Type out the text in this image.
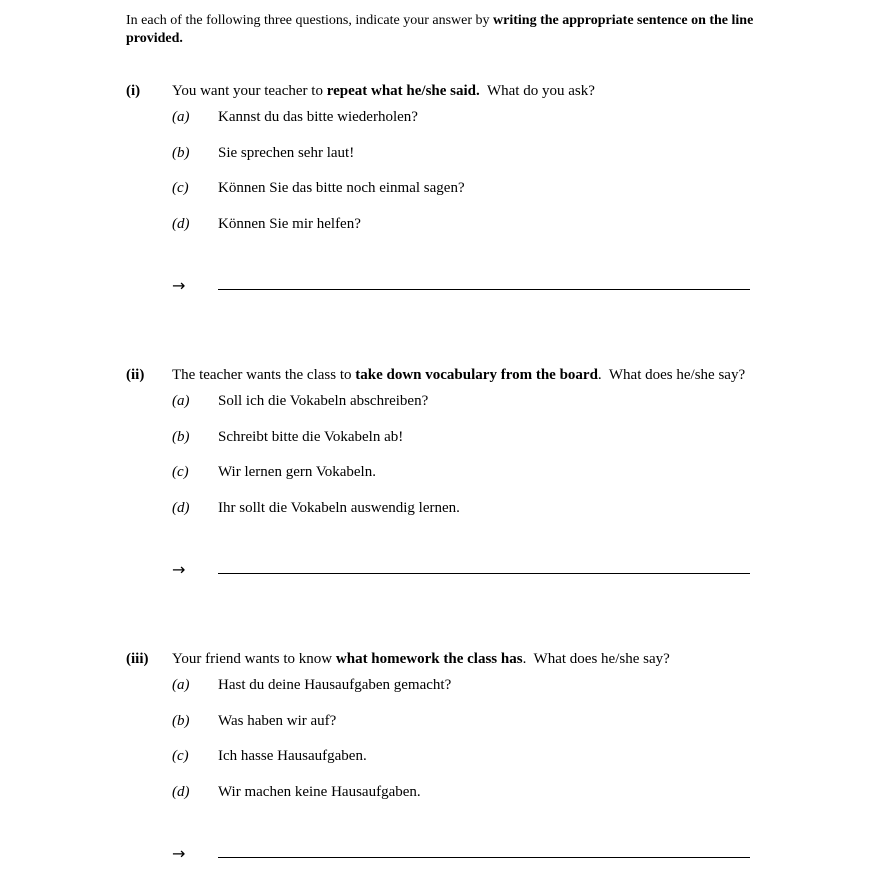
In each of the following three questions, indicate your answer by writing the appropriate sentence on the line provided.
(i) You want your teacher to repeat what he/she said.  What do you ask?
(a) Kannst du das bitte wiederholen?
(b) Sie sprechen sehr laut!
(c) Können Sie das bitte noch einmal sagen?
(d) Können Sie mir helfen?
→
(ii) The teacher wants the class to take down vocabulary from the board.  What does he/she say?
(a) Soll ich die Vokabeln abschreiben?
(b) Schreibt bitte die Vokabeln ab!
(c) Wir lernen gern Vokabeln.
(d) Ihr sollt die Vokabeln auswendig lernen.
→
(iii) Your friend wants to know what homework the class has.  What does he/she say?
(a) Hast du deine Hausaufgaben gemacht?
(b) Was haben wir auf?
(c) Ich hasse Hausaufgaben.
(d) Wir machen keine Hausaufgaben.
→
